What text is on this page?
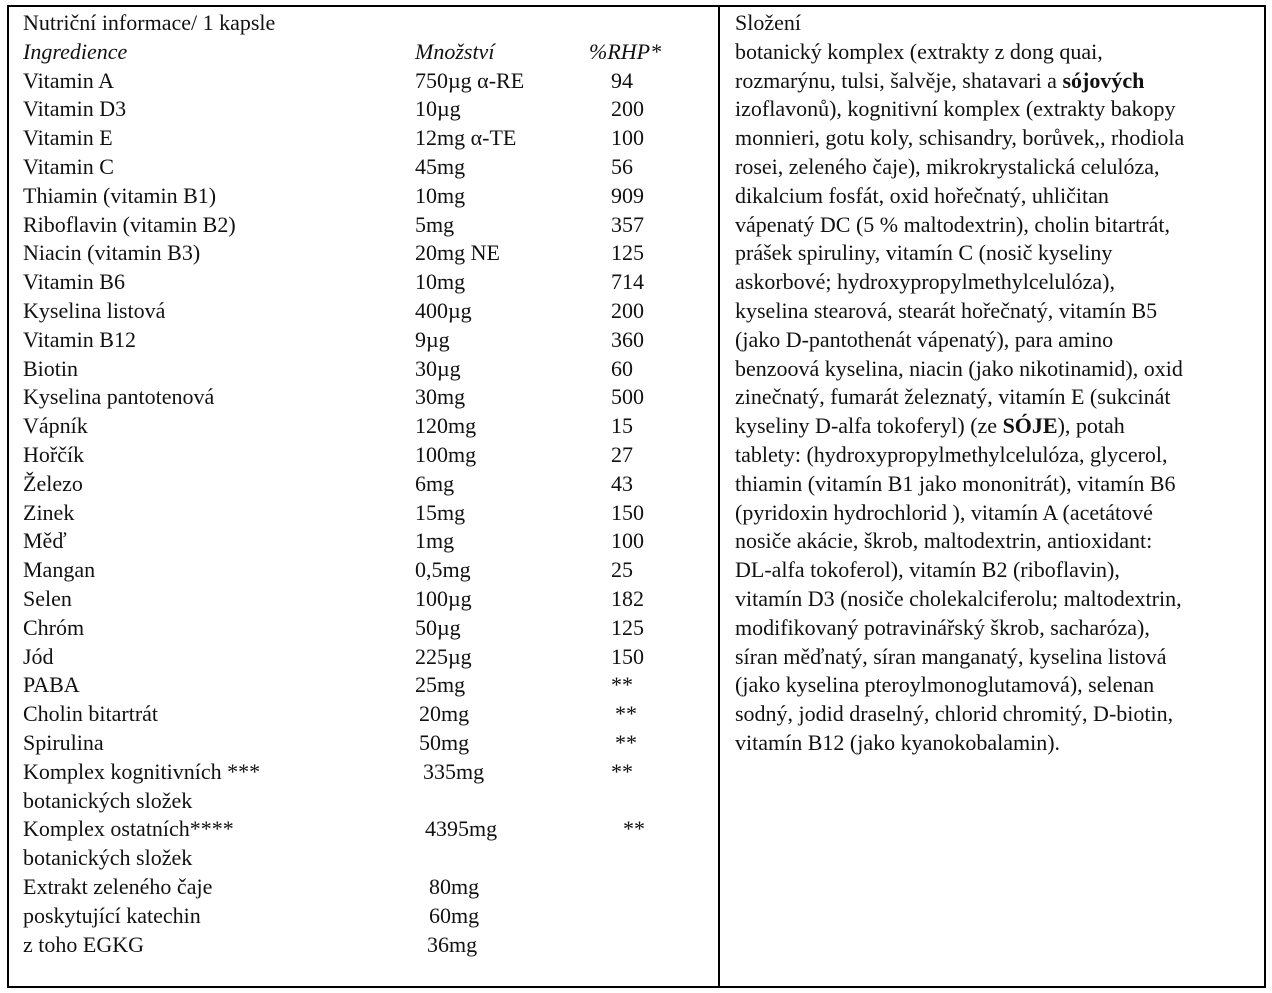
Nutriční informace/ 1 kapsle
Ingredience	Množství	%RHP*
Vitamin A	750µg α-RE	94
Vitamin D3	10µg	200
Vitamin E	12mg α-TE	100
Vitamin C	45mg	56
Thiamin (vitamin B1)	10mg	909
Riboflavin (vitamin B2)	5mg	357
Niacin (vitamin B3)	20mg NE	125
Vitamin B6	10mg	714
Kyselina listová	400µg	200
Vitamin B12	9µg	360
Biotin	30µg	60
Kyselina pantotenová	30mg	500
Vápník	120mg	15
Hořčík	100mg	27
Železo	6mg	43
Zinek	15mg	150
Měď	1mg	100
Mangan	0,5mg	25
Selen	100µg	182
Chróm	50µg	125
Jód	225µg	150
PABA	25mg	**
Cholin bitartrát	20mg	**
Spirulina	50mg	**
Komplex kognitivních ***	335mg	**
botanických složek
Komplex ostatních****	4395mg	**
botanických složek
Extrakt zeleného čaje	80mg
poskytující katechin	60mg
z toho EGKG	36mg
Složení
botanický komplex (extrakty z dong quai,
rozmarýnu, tulsi, šalvěje, shatavari a sójových
izoflavonů), kognitivní komplex (extrakty bakopy
monnieri, gotu koly, schisandry, borůvek,, rhodiola
rosei, zeleného čaje), mikrokrystalická celulóza,
dikalcium fosfát, oxid hořečnatý, uhličitan
vápenatý DC (5 % maltodextrin), cholin bitartrát,
prášek spiruliny, vitamín C (nosič kyseliny
askorbové; hydroxypropylmethylcelulóza),
kyselina stearová, stearát hořečnatý, vitamín B5
(jako D-pantothenát vápenatý), para amino
benzoová kyselina, niacin (jako nikotinamid), oxid
zinečnatý, fumarát železnatý, vitamín E (sukcinát
kyseliny D-alfa tokoferyl) (ze SÓJE), potah
tablety: (hydroxypropylmethylcelulóza, glycerol,
thiamin (vitamín B1 jako mononitrát), vitamín B6
(pyridoxin hydrochlorid ), vitamín A (acetátové
nosiče akácie, škrob, maltodextrin, antioxidant:
DL-alfa tokoferol), vitamín B2 (riboflavin),
vitamín D3 (nosiče cholekalciferolu; maltodextrin,
modifikovaný potravinářský škrob, sacharóza),
síran měďnatý, síran manganatý, kyselina listová
(jako kyselina pteroylmonoglutamová), selenan
sodný, jodid draselný, chlorid chromitý, D-biotin,
vitamín B12 (jako kyanokobalamin).
